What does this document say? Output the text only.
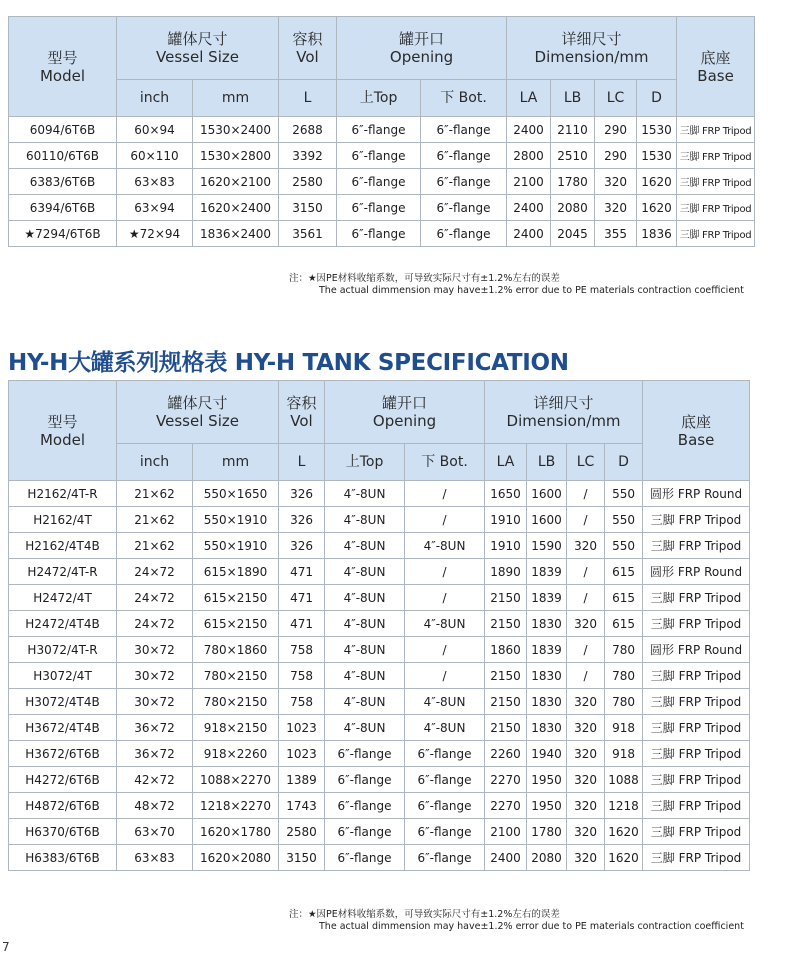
型号
Model	罐体尺寸
Vessel Size		容积
Vol	罐开口
Opening		详细尺寸
Dimension/mm				底座
Base
	inch	mm	L	上Top	下 Bot.	LA	LB	LC	D	
6094/6T6B	60×94	1530×2400	2688	6″-flange	6″-flange	2400	2110	290	1530	三脚 FRP Tripod
60110/6T6B	60×110	1530×2800	3392	6″-flange	6″-flange	2800	2510	290	1530	三脚 FRP Tripod
6383/6T6B	63×83	1620×2100	2580	6″-flange	6″-flange	2100	1780	320	1620	三脚 FRP Tripod
6394/6T6B	63×94	1620×2400	3150	6″-flange	6″-flange	2400	2080	320	1620	三脚 FRP Tripod
★7294/6T6B	★72×94	1836×2400	3561	6″-flange	6″-flange	2400	2045	355	1836	三脚 FRP Tripod
注：★因PE材料收缩系数，可导致实际尺寸有±1.2%左右的误差
The actual dimmension may have±1.2% error due to PE materials contraction coefficient
HY-H大罐系列规格表 HY-H TANK SPECIFICATION
型号
Model	罐体尺寸
Vessel Size		容积
Vol	罐开口
Opening		详细尺寸
Dimension/mm				底座
Base
	inch	mm	L	上Top	下 Bot.	LA	LB	LC	D	
H2162/4T-R	21×62	550×1650	326	4″-8UN	/	1650	1600	/	550	圆形 FRP Round
H2162/4T	21×62	550×1910	326	4″-8UN	/	1910	1600	/	550	三脚 FRP Tripod
H2162/4T4B	21×62	550×1910	326	4″-8UN	4″-8UN	1910	1590	320	550	三脚 FRP Tripod
H2472/4T-R	24×72	615×1890	471	4″-8UN	/	1890	1839	/	615	圆形 FRP Round
H2472/4T	24×72	615×2150	471	4″-8UN	/	2150	1839	/	615	三脚 FRP Tripod
H2472/4T4B	24×72	615×2150	471	4″-8UN	4″-8UN	2150	1830	320	615	三脚 FRP Tripod
H3072/4T-R	30×72	780×1860	758	4″-8UN	/	1860	1839	/	780	圆形 FRP Round
H3072/4T	30×72	780×2150	758	4″-8UN	/	2150	1830	/	780	三脚 FRP Tripod
H3072/4T4B	30×72	780×2150	758	4″-8UN	4″-8UN	2150	1830	320	780	三脚 FRP Tripod
H3672/4T4B	36×72	918×2150	1023	4″-8UN	4″-8UN	2150	1830	320	918	三脚 FRP Tripod
H3672/6T6B	36×72	918×2260	1023	6″-flange	6″-flange	2260	1940	320	918	三脚 FRP Tripod
H4272/6T6B	42×72	1088×2270	1389	6″-flange	6″-flange	2270	1950	320	1088	三脚 FRP Tripod
H4872/6T6B	48×72	1218×2270	1743	6″-flange	6″-flange	2270	1950	320	1218	三脚 FRP Tripod
H6370/6T6B	63×70	1620×1780	2580	6″-flange	6″-flange	2100	1780	320	1620	三脚 FRP Tripod
H6383/6T6B	63×83	1620×2080	3150	6″-flange	6″-flange	2400	2080	320	1620	三脚 FRP Tripod
注：★因PE材料收缩系数，可导致实际尺寸有±1.2%左右的误差
The actual dimmension may have±1.2% error due to PE materials contraction coefficient
7
